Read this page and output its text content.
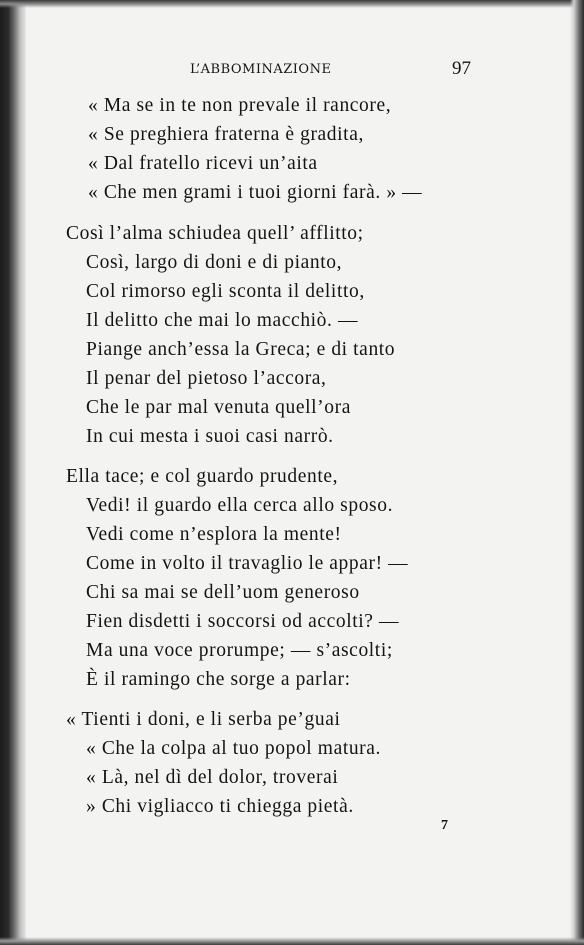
L’ABBOMINAZIONE	97
« Ma se in te non prevale il rancore,
« Se preghiera fraterna è gradita,
« Dal fratello ricevi un’aita
« Che men grami i tuoi giorni farà. » —
Così l’alma schiudea quell’ afflitto;
Così, largo di doni e di pianto,
Col rimorso egli sconta il delitto,
Il delitto che mai lo macchiò. —
Piange anch’essa la Greca; e di tanto
Il penar del pietoso l’accora,
Che le par mal venuta quell’ora
In cui mesta i suoi casi narrò.
Ella tace; e col guardo prudente,
Vedi! il guardo ella cerca allo sposo.
Vedi come n’esplora la mente!
Come in volto il travaglio le appar! —
Chi sa mai se dell’uom generoso
Fien disdetti i soccorsi od accolti? —
Ma una voce prorumpe; — s’ascolti;
È il ramingo che sorge a parlar:
« Tienti i doni, e li serba pe’guai
« Che la colpa al tuo popol matura.
« Là, nel dì del dolor, troverai
» Chi vigliacco ti chiegga pietà.
7
